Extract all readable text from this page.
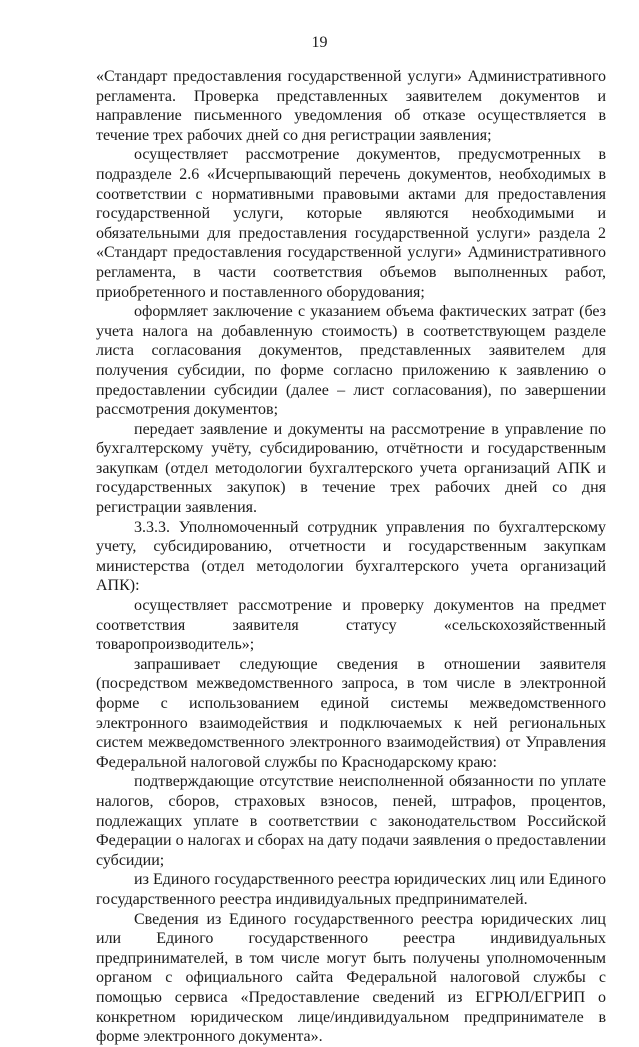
19

«Стандарт предоставления государственной услуги» Административного регламента. Проверка представленных заявителем документов и направление письменного уведомления об отказе осуществляется в течение трех рабочих дней со дня регистрации заявления;

осуществляет рассмотрение документов, предусмотренных в подразделе 2.6 «Исчерпывающий перечень документов, необходимых в соответствии с нормативными правовыми актами для предоставления государственной услуги, которые являются необходимыми и обязательными для предоставления государственной услуги» раздела 2 «Стандарт предоставления государственной услуги» Административного регламента, в части соответствия объемов выполненных работ, приобретенного и поставленного оборудования;

оформляет заключение с указанием объема фактических затрат (без учета налога на добавленную стоимость) в соответствующем разделе листа согласования документов, представленных заявителем для получения субсидии, по форме согласно приложению к заявлению о предоставлении субсидии (далее – лист согласования), по завершении рассмотрения документов;

передает заявление и документы на рассмотрение в управление по бухгалтерскому учёту, субсидированию, отчётности и государственным закупкам (отдел методологии бухгалтерского учета организаций АПК и государственных закупок) в течение трех рабочих дней со дня регистрации заявления.

3.3.3. Уполномоченный сотрудник управления по бухгалтерскому учету, субсидированию, отчетности и государственным закупкам министерства (отдел методологии бухгалтерского учета организаций АПК):

осуществляет рассмотрение и проверку документов на предмет соответствия заявителя статусу «сельскохозяйственный товаропроизводитель»;

запрашивает следующие сведения в отношении заявителя (посредством межведомственного запроса, в том числе в электронной форме с использованием единой системы межведомственного электронного взаимодействия и подключаемых к ней региональных систем межведомственного электронного взаимодействия) от Управления Федеральной налоговой службы по Краснодарскому краю:

подтверждающие отсутствие неисполненной обязанности по уплате налогов, сборов, страховых взносов, пеней, штрафов, процентов, подлежащих уплате в соответствии с законодательством Российской Федерации о налогах и сборах на дату подачи заявления о предоставлении субсидии;

из Единого государственного реестра юридических лиц или Единого государственного реестра индивидуальных предпринимателей.

Сведения из Единого государственного реестра юридических лиц или Единого государственного реестра индивидуальных предпринимателей, в том числе могут быть получены уполномоченным органом с официального сайта Федеральной налоговой службы с помощью сервиса «Предоставление сведений из ЕГРЮЛ/ЕГРИП о конкретном юридическом лице/индивидуальном предпринимателе в форме электронного документа».
